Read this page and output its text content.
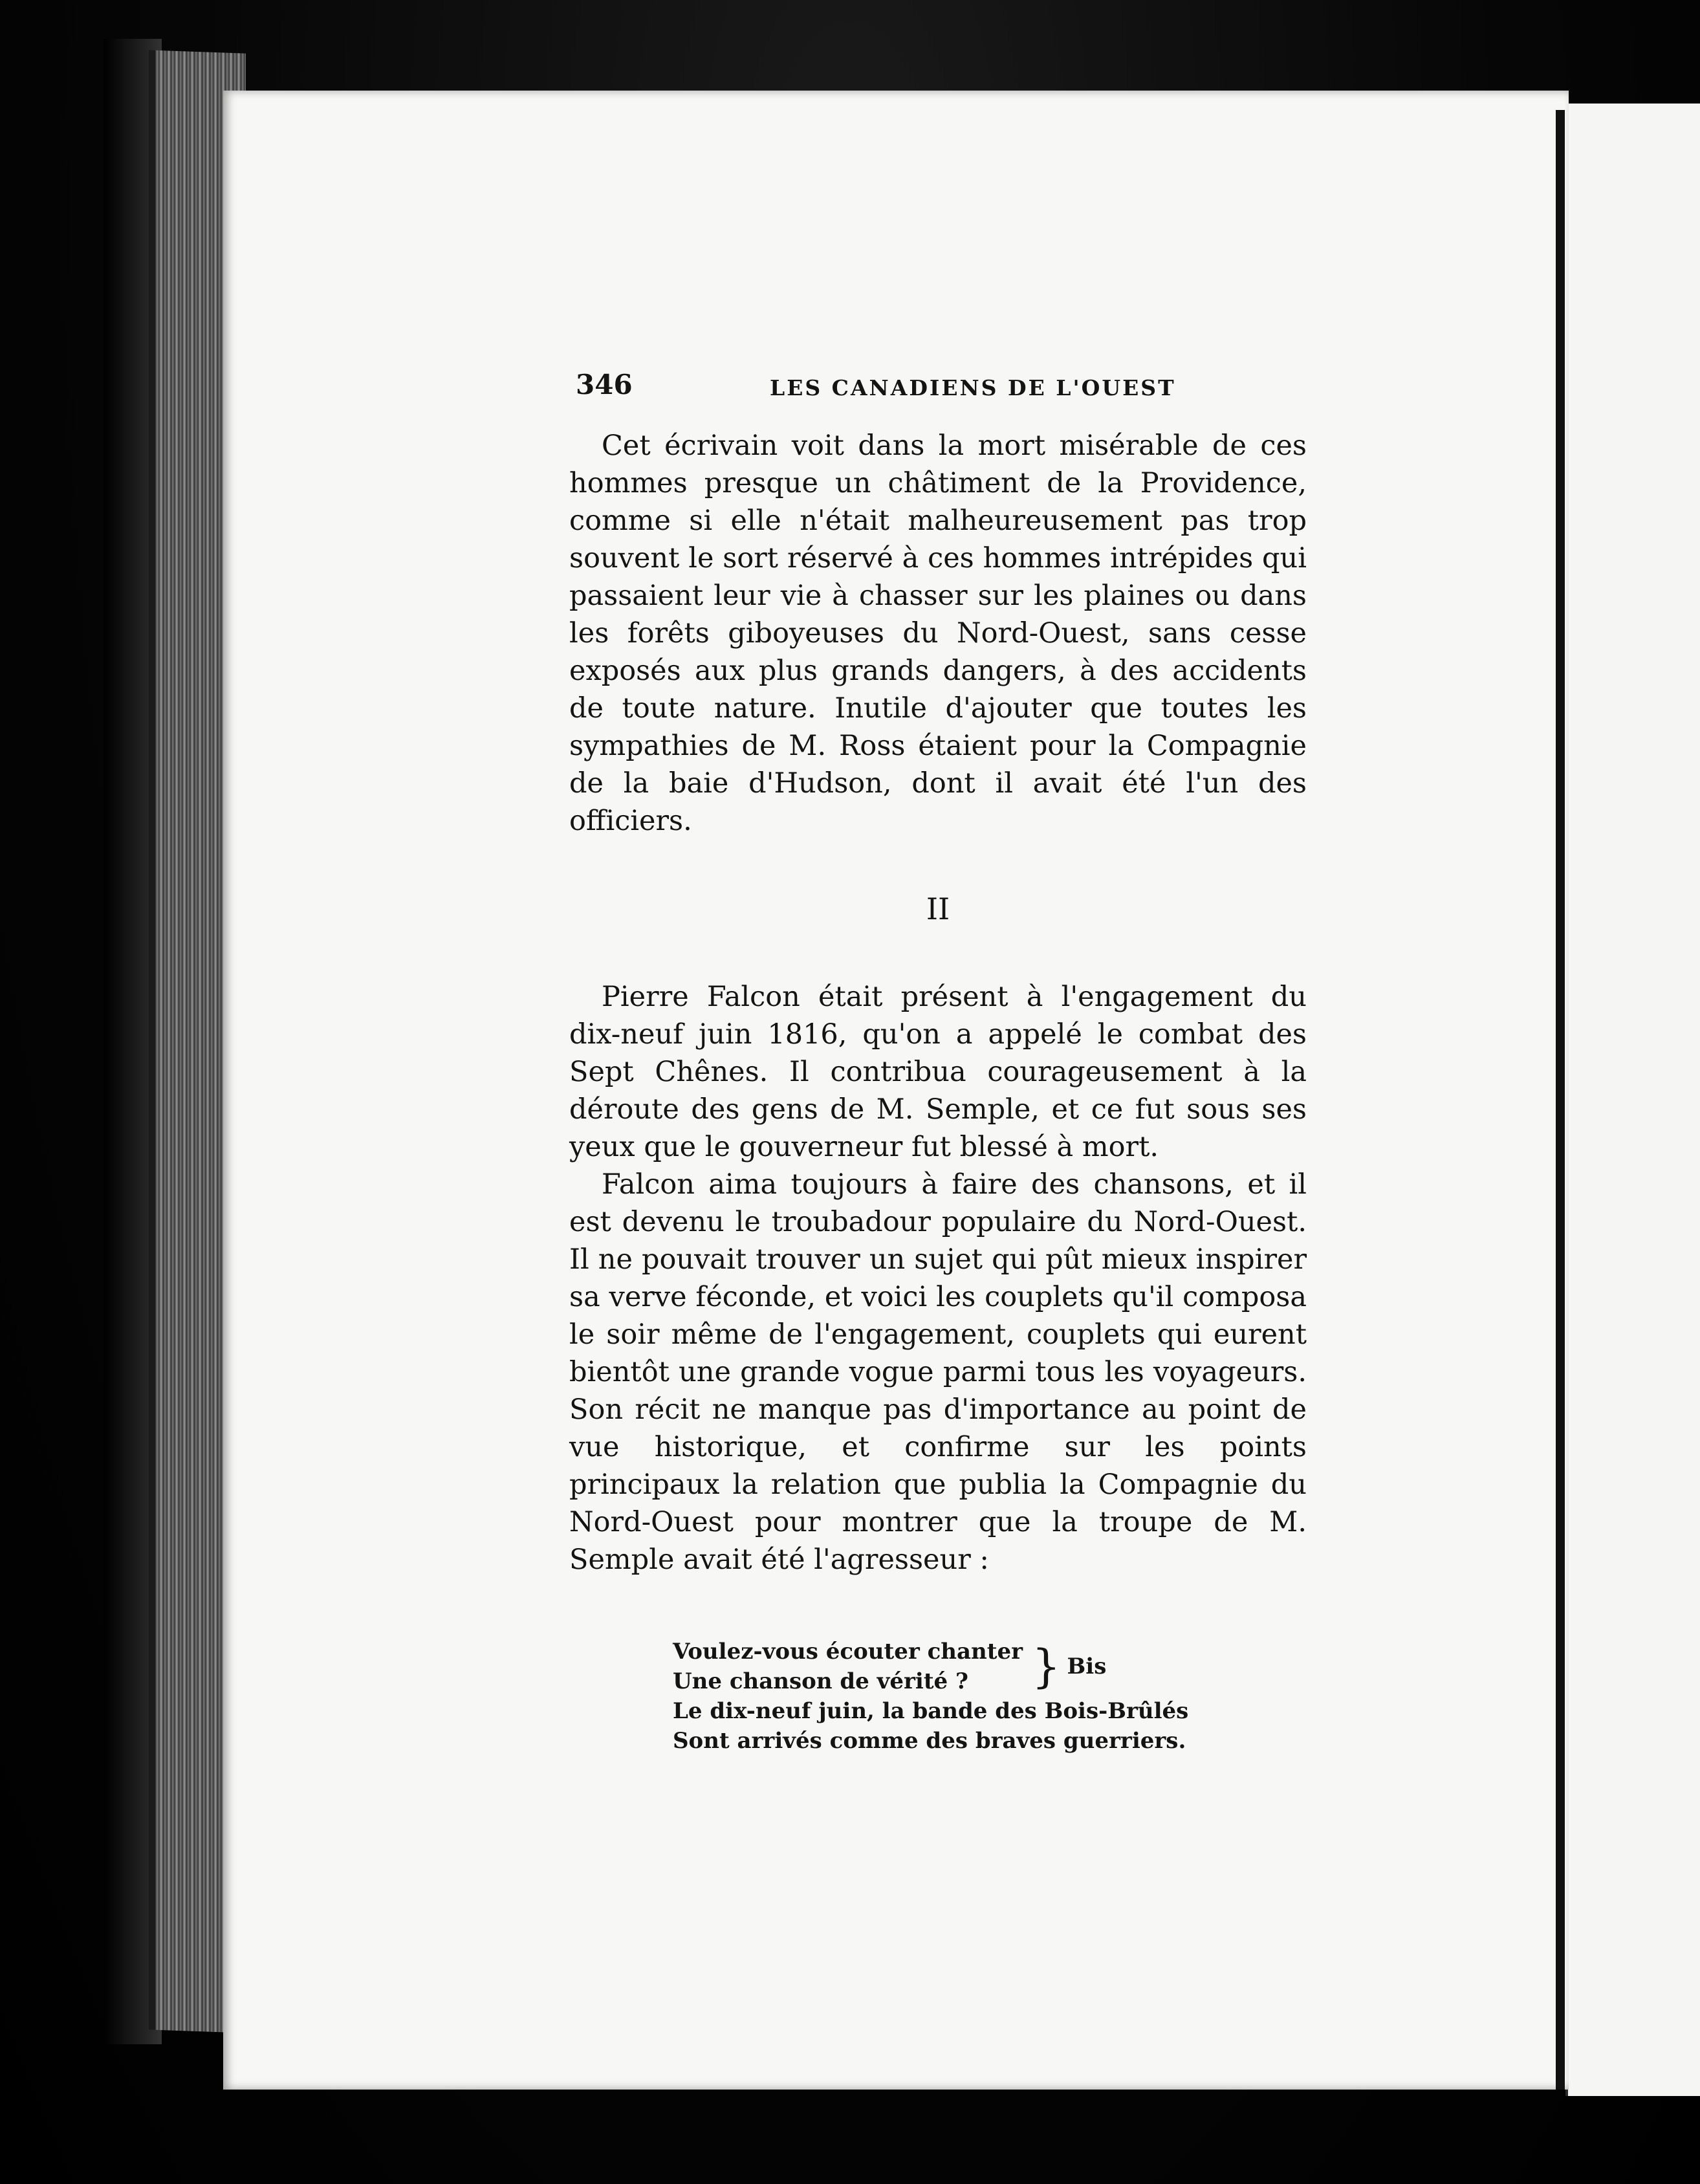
346	LES CANADIENS DE L'OUEST

Cet écrivain voit dans la mort misérable de ces hommes presque un châtiment de la Providence, comme si elle n'était malheureusement pas trop souvent le sort réservé à ces hommes intrépides qui passaient leur vie à chasser sur les plaines ou dans les forêts giboyeuses du Nord-Ouest, sans cesse exposés aux plus grands dangers, à des accidents de toute nature. Inutile d'ajouter que toutes les sympathies de M. Ross étaient pour la Compagnie de la baie d'Hudson, dont il avait été l'un des officiers.

II

Pierre Falcon était présent à l'engagement du dix-neuf juin 1816, qu'on a appelé le combat des Sept Chênes. Il contribua courageusement à la déroute des gens de M. Semple, et ce fut sous ses yeux que le gouverneur fut blessé à mort.

Falcon aima toujours à faire des chansons, et il est devenu le troubadour populaire du Nord-Ouest. Il ne pouvait trouver un sujet qui pût mieux inspirer sa verve féconde, et voici les couplets qu'il composa le soir même de l'engagement, couplets qui eurent bientôt une grande vogue parmi tous les voyageurs. Son récit ne manque pas d'importance au point de vue historique, et confirme sur les points principaux la relation que publia la Compagnie du Nord-Ouest pour montrer que la troupe de M. Semple avait été l'agresseur :

Voulez-vous écouter chanter
Une chanson de vérité ?	} Bis
Le dix-neuf juin, la bande des Bois-Brûlés
Sont arrivés comme des braves guerriers.
